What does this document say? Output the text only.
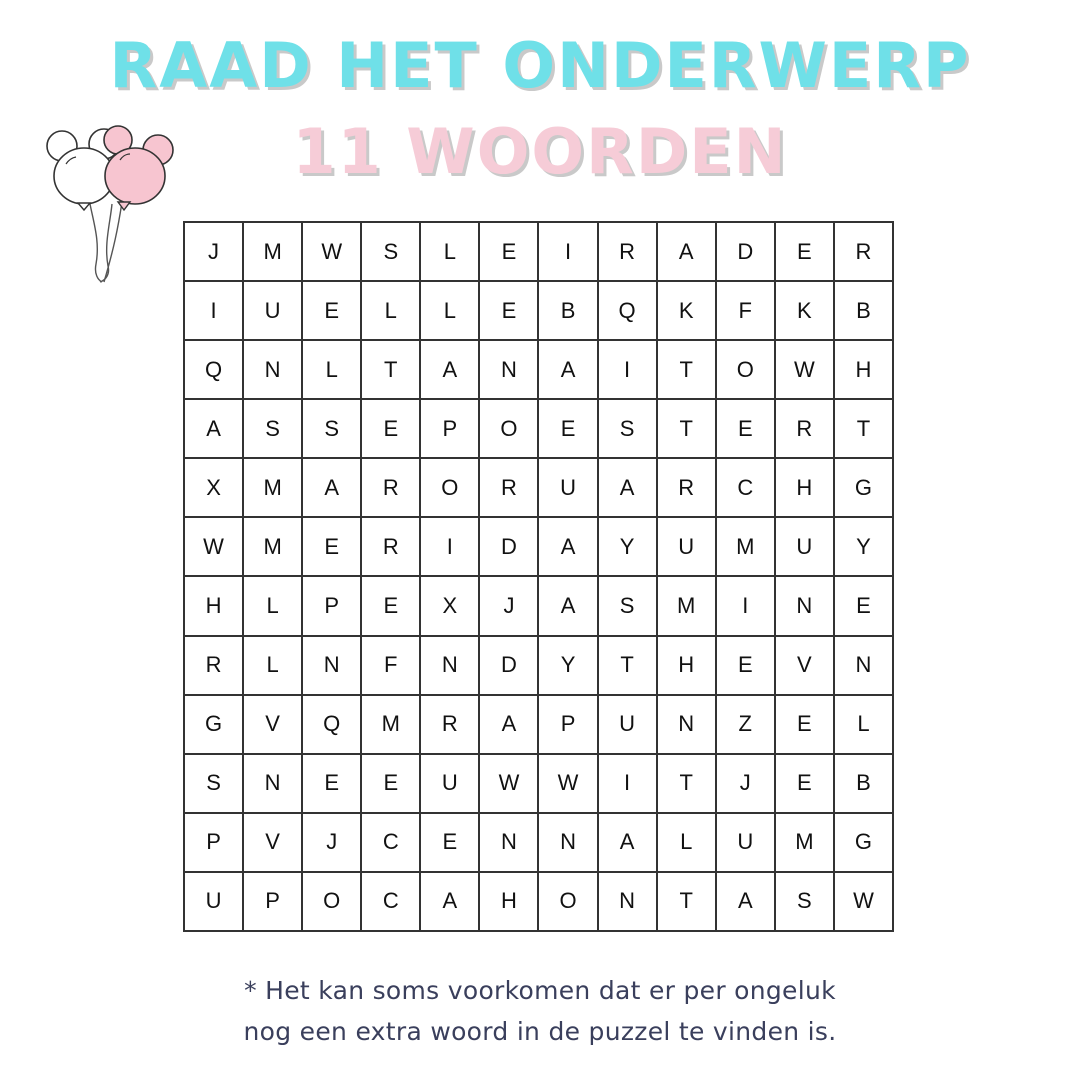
RAAD HET ONDERWERP
11 WOORDEN
J	M	W	S	L	E	I	R	A	D	E	R
I	U	E	L	L	E	B	Q	K	F	K	B
Q	N	L	T	A	N	A	I	T	O	W	H
A	S	S	E	P	O	E	S	T	E	R	T
X	M	A	R	O	R	U	A	R	C	H	G
W	M	E	R	I	D	A	Y	U	M	U	Y
H	L	P	E	X	J	A	S	M	I	N	E
R	L	N	F	N	D	Y	T	H	E	V	N
G	V	Q	M	R	A	P	U	N	Z	E	L
S	N	E	E	U	W	W	I	T	J	E	B
P	V	J	C	E	N	N	A	L	U	M	G
U	P	O	C	A	H	O	N	T	A	S	W
* Het kan soms voorkomen dat er per ongeluk
nog een extra woord in de puzzel te vinden is.
